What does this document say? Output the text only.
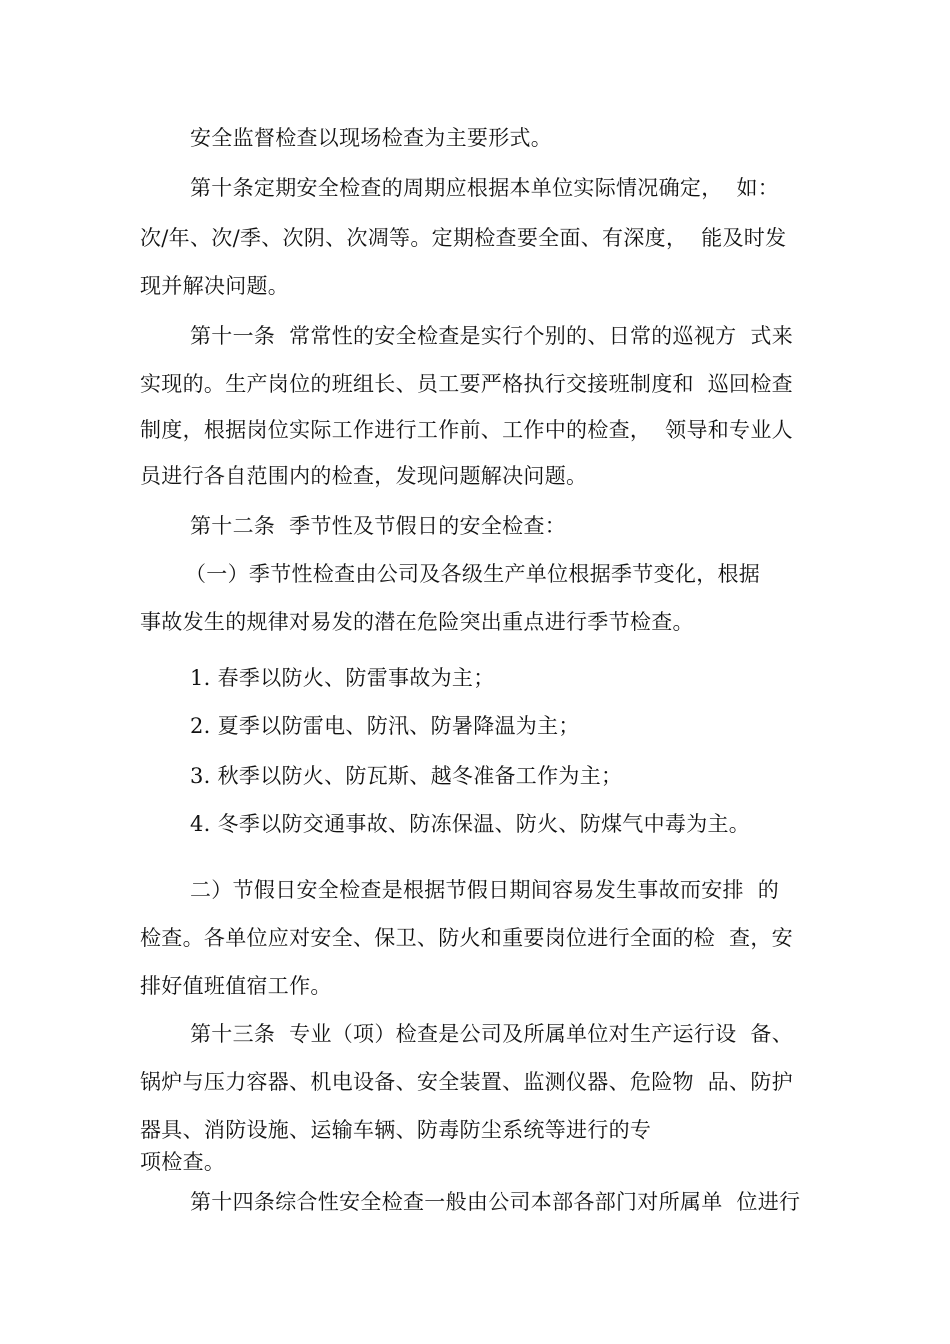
安全监督检查以现场检查为主要形式。
第十条定期安全检查的周期应根据本单位实际情况确定，  如：
次/年、次/季、次阴、次凋等。定期检查要全面、有深度，  能及时发
现并解决问题。
第十一条  常常性的安全检查是实行个别的、日常的巡视方  式来
实现的。生产岗位的班组长、员工要严格执行交接班制度和  巡回检查
制度，根据岗位实际工作进行工作前、工作中的检查，  领导和专业人
员进行各自范围内的检查，发现问题解决问题。
第十二条  季节性及节假日的安全检查：
（一）季节性检查由公司及各级生产单位根据季节变化，根据
事故发生的规律对易发的潜在危险突出重点进行季节检查。
1. 春季以防火、防雷事故为主；
2. 夏季以防雷电、防汛、防暑降温为主；
3. 秋季以防火、防瓦斯、越冬准备工作为主；
4. 冬季以防交通事故、防冻保温、防火、防煤气中毒为主。
二）节假日安全检查是根据节假日期间容易发生事故而安排  的
检查。各单位应对安全、保卫、防火和重要岗位进行全面的检  查，安
排好值班值宿工作。
第十三条  专业（项）检查是公司及所属单位对生产运行设  备、
锅炉与压力容器、机电设备、安全装置、监测仪器、危险物  品、防护
器具、消防设施、运输车辆、防毒防尘系统等进行的专
项检查。
第十四条综合性安全检查一般由公司本部各部门对所属单  位进行
